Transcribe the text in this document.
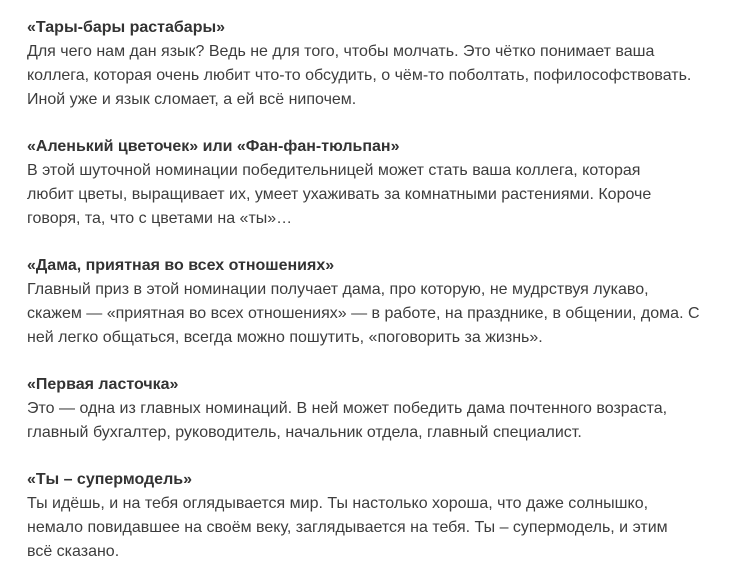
«Тары-бары растабары»
Для чего нам дан язык? Ведь не для того, чтобы молчать. Это чётко понимает ваша
коллега, которая очень любит что-то обсудить, о чём-то поболтать, пофилософствовать.
Иной уже и язык сломает, а ей всё нипочем.
«Аленький цветочек» или «Фан-фан-тюльпан»
В этой шуточной номинации победительницей может стать ваша коллега, которая
любит цветы, выращивает их, умеет ухаживать за комнатными растениями. Короче
говоря, та, что с цветами на «ты»…
«Дама, приятная во всех отношениях»
Главный приз в этой номинации получает дама, про которую, не мудрствуя лукаво,
скажем — «приятная во всех отношениях» — в работе, на празднике, в общении, дома. С
ней легко общаться, всегда можно пошутить, «поговорить за жизнь».
«Первая ласточка»
Это — одна из главных номинаций. В ней может победить дама почтенного возраста,
главный бухгалтер, руководитель, начальник отдела, главный специалист.
«Ты – супермодель»
Ты идёшь, и на тебя оглядывается мир. Ты настолько хороша, что даже солнышко,
немало повидавшее на своём веку, заглядывается на тебя. Ты – супермодель, и этим
всё сказано.
